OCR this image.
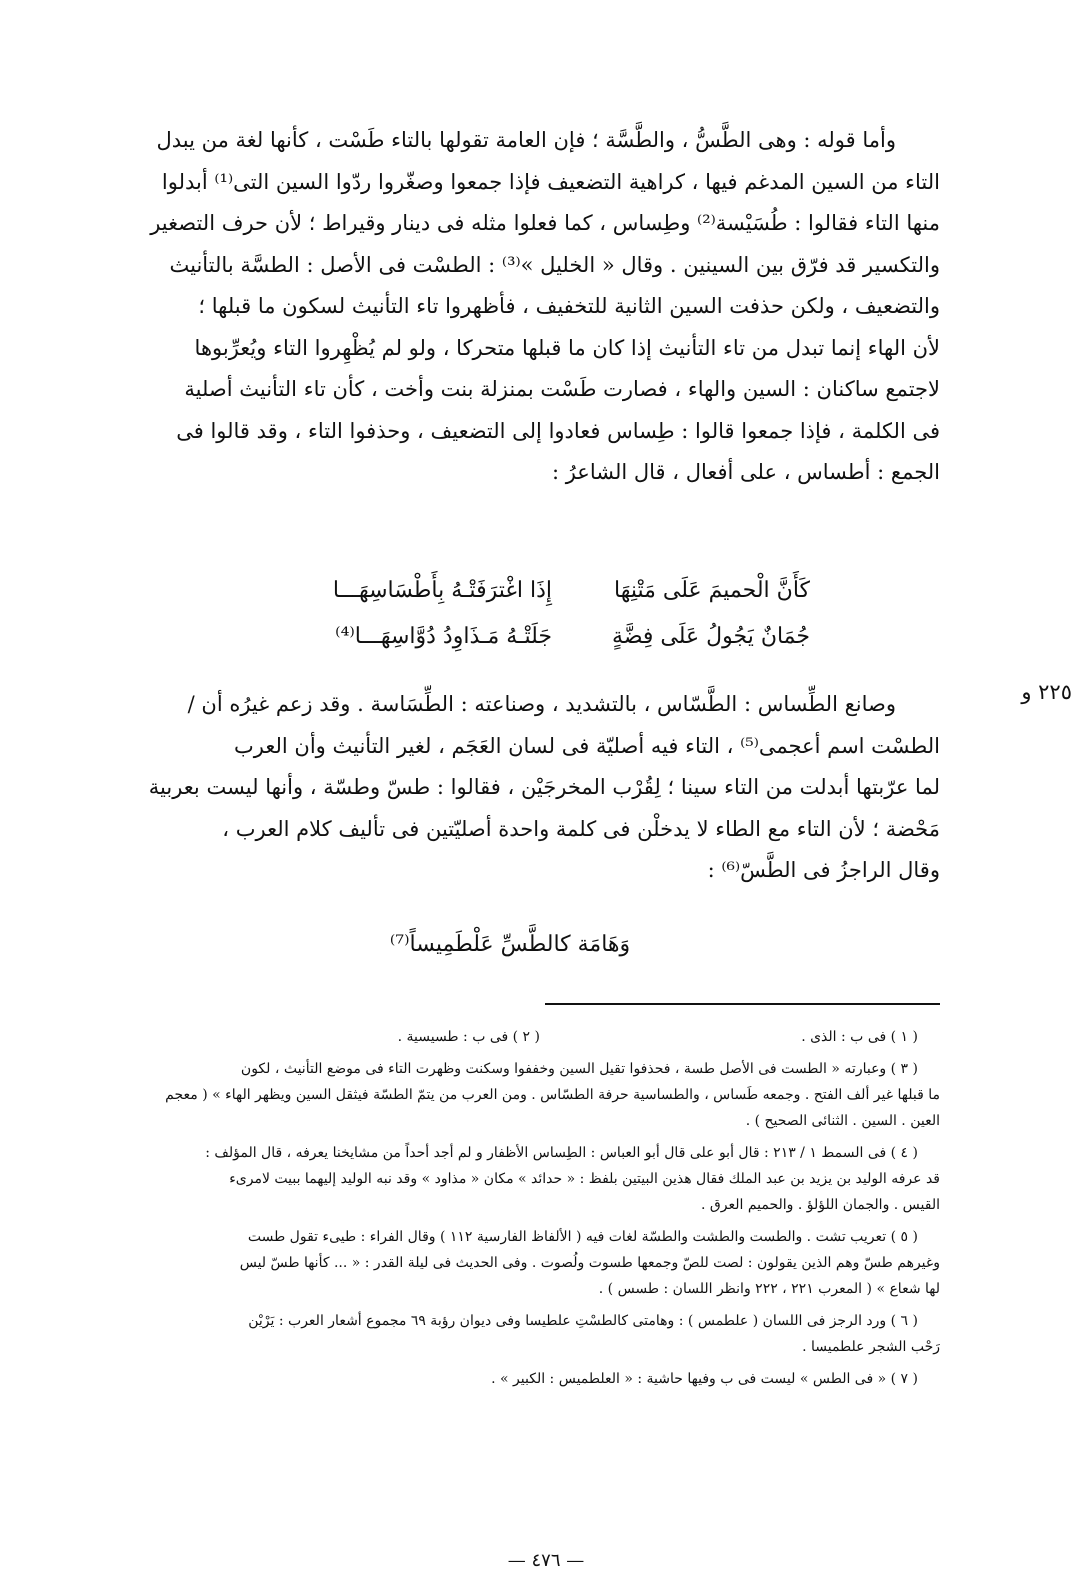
وأما قوله : وهى الطَّسُّ ، والطَّسَّة ؛ فإن العامة تقولها بالتاء طَسْت ، كأنها لغة من يبدل
التاء من السين المدغم فيها ، كراهية التضعيف فإذا جمعوا وصغّروا ردّوا السين التى⁽¹⁾ أبدلوا
منها التاء فقالوا : طُسَيْسة⁽²⁾ وطِساس ، كما فعلوا مثله فى دينار وقيراط ؛ لأن حرف التصغير
والتكسير قد فرّق بين السينين . وقال « الخليل »⁽³⁾ : الطسْت فى الأصل : الطسَّة بالتأنيث
والتضعيف ، ولكن حذفت السين الثانية للتخفيف ، فأظهروا تاء التأنيث لسكون ما قبلها ؛
لأن الهاء إنما تبدل من تاء التأنيث إذا كان ما قبلها متحركا ، ولو لم يُظْهِروا التاء ويُعرِّبوها
لاجتمع ساكنان : السين والهاء ، فصارت طَسْت بمنزلة بنت وأخت ، كأن تاء التأنيث أصلية
فى الكلمة ، فإذا جمعوا قالوا : طِساس فعادوا إلى التضعيف ، وحذفوا التاء ، وقد قالوا فى
الجمع : أطساس ، على أفعال ، قال الشاعرُ :
كَأَنَّ الْحميمَ عَلَى مَتْنِهَا
إِذَا اغْترَفَتْـهُ بِأَطْسَاسِهَـــا
جُمَانٌ يَجُولُ عَلَى فِضَّةٍ
جَلَتْـهُ مَـذَاوِدُ دُوَّاسِهَـــا⁽⁴⁾
٢٢٥ و
وصانع الطِّساس : الطَّسّاس ، بالتشديد ، وصناعته : الطِّسَاسة . وقد زعم غيرُه أن /
الطسْت اسم أعجمى⁽⁵⁾ ، التاء فيه أصليّة فى لسان العَجَم ، لغير التأنيث وأن العرب
لما عرّبتها أبدلت من التاء سينا ؛ لِقُرْب المخرجَيْن ، فقالوا : طسّ وطسّة ، وأنها ليست بعربية
مَحْضة ؛ لأن التاء مع الطاء لا يدخلْن فى كلمة واحدة أصليّتين فى تأليف كلام العرب ،
وقال الراجزُ فى الطَّسّ⁽⁶⁾ :
وَهَامَة كالطَّسِّ عَلْطَمِيساً⁽⁷⁾
( ١ ) فى ب : الذى .
( ٢ ) فى ب : طسيسية .
( ٣ ) وعبارته « الطست فى الأصل طسة ، فحذفوا تقيل السين وخففوا وسكنت وظهرت التاء فى موضع التأنيث ، لكون
ما قبلها غير ألف الفتح . وجمعه طَساس ، والطساسية حرفة الطسّاس . ومن العرب من يتمّ الطسّة فيثقل السين ويظهر الهاء » ( معجم
العين . السين . الثنائى الصحيح ) .
( ٤ ) فى السمط ١ / ٢١٣ : قال أبو على قال أبو العباس : الطِساس الأظفار و لم أجد أحداً من مشايخنا يعرفه ، قال المؤلف :
قد عرفه الوليد بن يزيد بن عبد الملك فقال هذين البيتين بلفظ : « حدائد » مكان « مذاود » وقد نبه الوليد إليهما ببيت لامرىء
القيس . والجمان اللؤلؤ . والحميم العرق .
( ٥ ) تعريب تشت . والطست والطشت والطسّة لغات فيه ( الألفاظ الفارسية ١١٢ ) وقال الفراء : طيىء تقول طست
وغيرهم طسّ وهم الذين يقولون : لصت للصّ وجمعها طسوت ولُصوت . وفى الحديث فى ليلة القدر : « ... كأنها طسّ ليس
لها شعاع » ( المعرب ٢٢١ ، ٢٢٢ وانظر اللسان : طسس ) .
( ٦ ) ورد الرجز فى اللسان ( علطمس ) : وهامتى كالطسْتِ علطيسا وفى ديوان رؤبة ٦٩ مجموع أشعار العرب : يَرْيْن
رَحْب الشجر علطميسا .
( ٧ ) « فى الطس » ليست فى ب وفيها حاشية : « العلطميس : الكبير » .
— ٤٧٦ —
